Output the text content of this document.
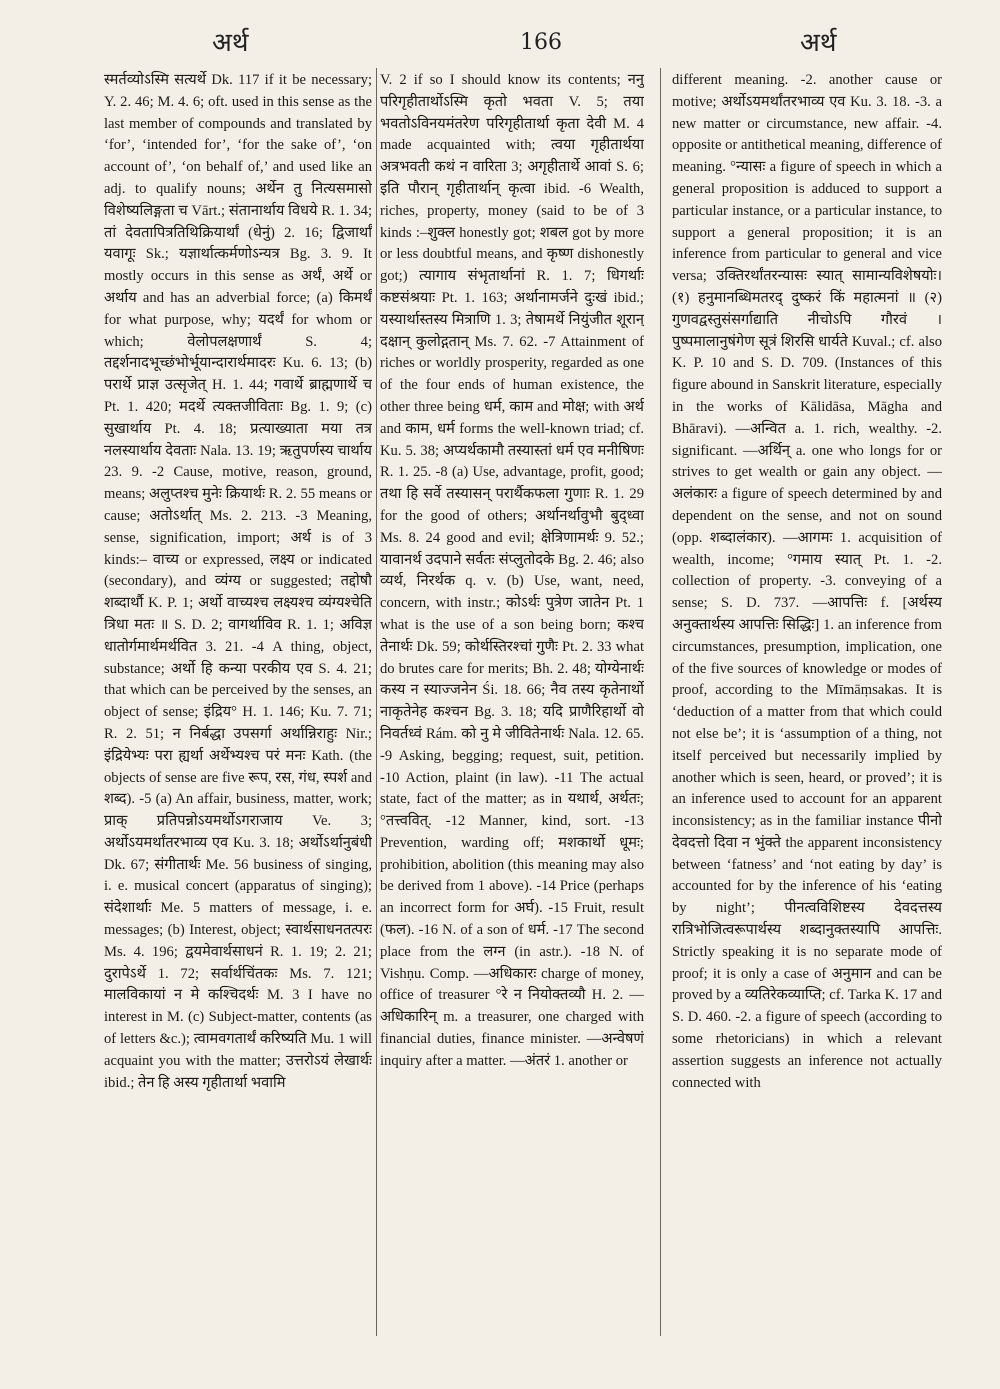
अर्थ	166	अर्थ

स्मर्तव्योऽस्मि सत्यर्थे Dk. 117 if it be necessary; Y. 2. 46; M. 4. 6; oft. used in this sense as the last member of compounds and translated by ‘for’, ‘intended for’, ‘for the sake of’, ‘on account of’, ‘on behalf of,’ and used like an adj. to qualify nouns; अर्थेन तु नित्यसमासो विशेष्यलिङ्गता च Vārt.; संतानार्थाय विधये R. 1. 34; तां देवतापित्रतिथिक्रियार्थां (धेनुं) 2. 16; द्विजार्थां यवागूः Sk.; यज्ञार्थात्कर्मणोऽन्यत्र Bg. 3. 9. It mostly occurs in this sense as अर्थं, अर्थे or अर्थाय and has an adverbial force; (a) किमर्थं for what purpose, why; यदर्थं for whom or which; वेलोपलक्षणार्थं S. 4; तद्दर्शनादभूच्छंभोर्भूयान्दारार्थमादरः Ku. 6. 13; (b) परार्थे प्राज्ञ उत्सृजेत् H. 1. 44; गवार्थे ब्राह्मणार्थे च Pt. 1. 420; मदर्थे त्यक्तजीविताः Bg. 1. 9; (c) सुखार्थाय Pt. 4. 18; प्रत्याख्याता मया तत्र नलस्यार्थाय देवताः Nala. 13. 19; ऋतुपर्णस्य चार्थाय 23. 9. -2 Cause, motive, reason, ground, means; अलुप्तश्च मुनेः क्रियार्थः R. 2. 55 means or cause; अतोऽर्थात् Ms. 2. 213. -3 Meaning, sense, signification, import; अर्थ is of 3 kinds:– वाच्य or expressed, लक्ष्य or indicated (secondary), and व्यंग्य or suggested; तद्दोषौ शब्दार्थौ K. P. 1; अर्थो वाच्यश्च लक्ष्यश्च व्यंग्यश्चेति त्रिधा मतः ॥ S. D. 2; वागर्थाविव R. 1. 1; अविज्ञ धातोर्गमार्थमर्थवित 3. 21. -4 A thing, object, substance; अर्थो हि कन्या परकीय एव S. 4. 21; that which can be perceived by the senses, an object of sense; इंद्रिय° H. 1. 146; Ku. 7. 71; R. 2. 51; न निर्बद्धा उपसर्गा अर्थान्निराहुः Nir.; इंद्रियेभ्यः परा ह्यर्था अर्थेभ्यश्च परं मनः Kath. (the objects of sense are five रूप, रस, गंध, स्पर्श and शब्द). -5 (a) An affair, business, matter, work; प्राक् प्रतिपन्नोऽयमर्थोऽगराजाय Ve. 3; अर्थोऽयमर्थांतरभाव्य एव Ku. 3. 18; अर्थोऽर्थानुबंधी Dk. 67; संगीतार्थः Me. 56 business of singing, i. e. musical concert (apparatus of singing); संदेशार्थाः Me. 5 matters of message, i. e. messages; (b) Interest, object; स्वार्थसाधनतत्परः Ms. 4. 196; द्वयमेवार्थसाधनं R. 1. 19; 2. 21; दुरापेऽर्थे 1. 72; सर्वार्थचिंतकः Ms. 7. 121; मालविकायां न मे कश्चिदर्थः M. 3 I have no interest in M. (c) Subject-matter, contents (as of letters &c.); त्वामवगतार्थं करिष्यति Mu. 1 will acquaint you with the matter; उत्तरोऽयं लेखार्थः ibid.; तेन हि अस्य गृहीतार्था भवामि

V. 2 if so I should know its contents; ननु परिगृहीतार्थोऽस्मि कृतो भवता V. 5; तया भवतोऽविनयमंतरेण परिगृहीतार्था कृता देवी M. 4 made acquainted with; त्वया गृहीतार्थया अत्रभवती कथं न वारिता 3; अगृहीतार्थे आवां S. 6; इति पौरान् गृहीतार्थान् कृत्वा ibid. -6 Wealth, riches, property, money (said to be of 3 kinds :–शुक्ल honestly got; शबल got by more or less doubtful means, and कृष्ण dishonestly got;) त्यागाय संभृतार्थानां R. 1. 7; धिगर्थाः कष्टसंश्रयाः Pt. 1. 163; अर्थानामर्जने दुःखं ibid.; यस्यार्थास्तस्य मित्राणि 1. 3; तेषामर्थे नियुंजीत शूरान् दक्षान् कुलोद्गतान् Ms. 7. 62. -7 Attainment of riches or worldly prosperity, regarded as one of the four ends of human existence, the other three being धर्म, काम and मोक्ष; with अर्थ and काम, धर्म forms the well-known triad; cf. Ku. 5. 38; अप्यर्थकामौ तस्यास्तां धर्म एव मनीषिणः R. 1. 25. -8 (a) Use, advantage, profit, good; तथा हि सर्वे तस्यासन् परार्थैकफला गुणाः R. 1. 29 for the good of others; अर्थानर्थावुभौ बुद्ध्वा Ms. 8. 24 good and evil; क्षेत्रिणामर्थः 9. 52.; यावानर्थ उदपाने सर्वतः संप्लुतोदके Bg. 2. 46; also व्यर्थ, निरर्थक q. v. (b) Use, want, need, concern, with instr.; कोऽर्थः पुत्रेण जातेन Pt. 1 what is the use of a son being born; कश्च तेनार्थः Dk. 59; कोर्थस्तिरश्चां गुणैः Pt. 2. 33 what do brutes care for merits; Bh. 2. 48; योग्येनार्थः कस्य न स्याज्जनेन Śi. 18. 66; नैव तस्य कृतेनार्थो नाकृतेनेह कश्चन Bg. 3. 18; यदि प्राणैरिहार्थो वो निवर्तध्वं Rám. को नु मे जीवितेनार्थः Nala. 12. 65. -9 Asking, begging; request, suit, petition. -10 Action, plaint (in law). -11 The actual state, fact of the matter; as in यथार्थ, अर्थतः; °तत्त्ववित्. -12 Manner, kind, sort. -13 Prevention, warding off; मशकार्थो धूमः; prohibition, abolition (this meaning may also be derived from 1 above). -14 Price (perhaps an incorrect form for अर्घ). -15 Fruit, result (फल). -16 N. of a son of धर्म. -17 The second place from the लग्न (in astr.). -18 N. of Vishṇu. Comp. —अधिकारः charge of money, office of treasurer °रे न नियोक्तव्यौ H. 2. —अधिकारिन् m. a treasurer, one charged with financial duties, finance minister. —अन्वेषणं inquiry after a matter. —अंतरं 1. another or

different meaning. -2. another cause or motive; अर्थोऽयमर्थांतरभाव्य एव Ku. 3. 18. -3. a new matter or circumstance, new affair. -4. opposite or antithetical meaning, difference of meaning. °न्यासः a figure of speech in which a general proposition is adduced to support a particular instance, or a particular instance, to support a general proposition; it is an inference from particular to general and vice versa; उक्तिरर्थांतरन्यासः स्यात् सामान्यविशेषयोः। (१) हनुमानब्धिमतरद् दुष्करं किं महात्मनां ॥ (२) गुणवद्वस्तुसंसर्गाद्याति नीचोऽपि गौरवं । पुष्पमालानुषंगेण सूत्रं शिरसि धार्यते Kuval.; cf. also K. P. 10 and S. D. 709. (Instances of this figure abound in Sanskrit literature, especially in the works of Kālidāsa, Māgha and Bhāravi). —अन्वित a. 1. rich, wealthy. -2. significant. —अर्थिन् a. one who longs for or strives to get wealth or gain any object. —अलंकारः a figure of speech determined by and dependent on the sense, and not on sound (opp. शब्दालंकार). —आगमः 1. acquisition of wealth, income; °गमाय स्यात् Pt. 1. -2. collection of property. -3. conveying of a sense; S. D. 737. —आपत्तिः f. [अर्थस्य अनुक्तार्थस्य आपत्तिः सिद्धिः] 1. an inference from circumstances, presumption, implication, one of the five sources of knowledge or modes of proof, according to the Mīmāṃsakas. It is ‘deduction of a matter from that which could not else be’; it is ‘assumption of a thing, not itself perceived but necessarily implied by another which is seen, heard, or proved’; it is an inference used to account for an apparent inconsistency; as in the familiar instance पीनो देवदत्तो दिवा न भुंक्ते the apparent inconsistency between ‘fatness’ and ‘not eating by day’ is accounted for by the inference of his ‘eating by night’; पीनत्वविशिष्टस्य देवदत्तस्य रात्रिभोजित्वरूपार्थस्य शब्दानुक्तस्यापि आपत्तिः. Strictly speaking it is no separate mode of proof; it is only a case of अनुमान and can be proved by a व्यतिरेकव्याप्ति; cf. Tarka K. 17 and S. D. 460. -2. a figure of speech (according to some rhetoricians) in which a relevant assertion suggests an inference not actually connected with
